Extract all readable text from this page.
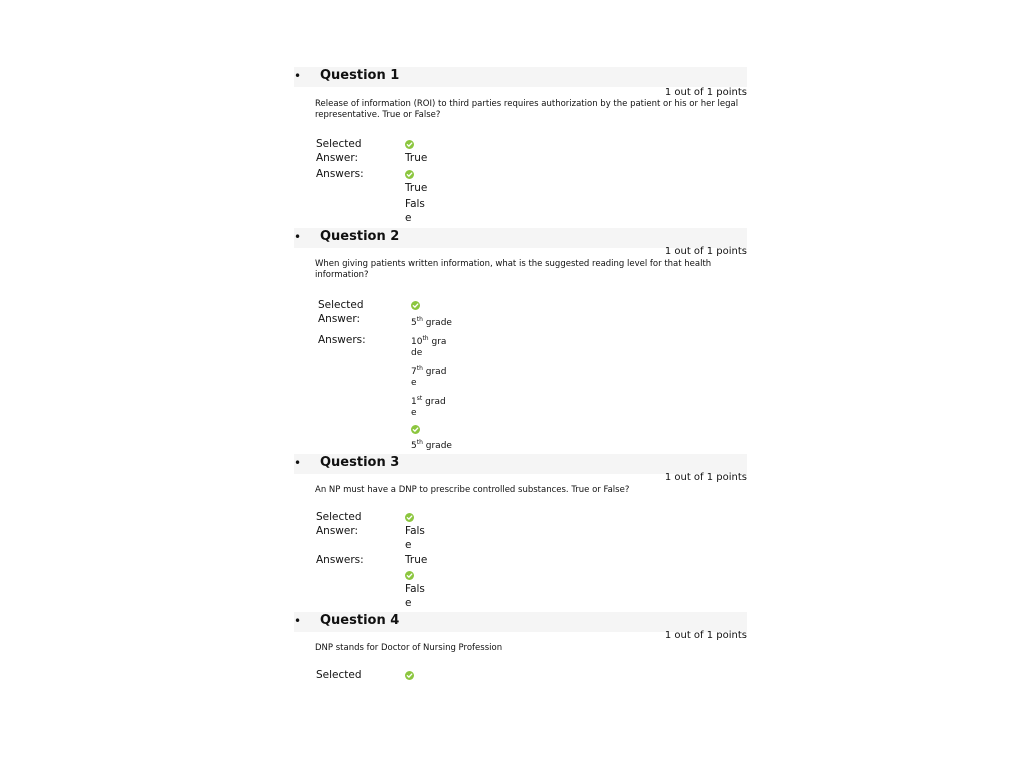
• Question 1
1 out of 1 points
Release of information (ROI) to third parties requires authorization by the patient or his or her legal representative. True or False?
Selected
Answer:	True
Answers:
True
Fals
e
• Question 2
1 out of 1 points
When giving patients written information, what is the suggested reading level for that health information?
Selected
Answer:	5th grade
Answers:	10th gra
de
7th grad
e
1st grad
e
5th grade
• Question 3
1 out of 1 points
An NP must have a DNP to prescribe controlled substances. True or False?
Selected
Answer:	Fals
e
Answers:	True
Fals
e
• Question 4
1 out of 1 points
DNP stands for Doctor of Nursing Profession
Selected
